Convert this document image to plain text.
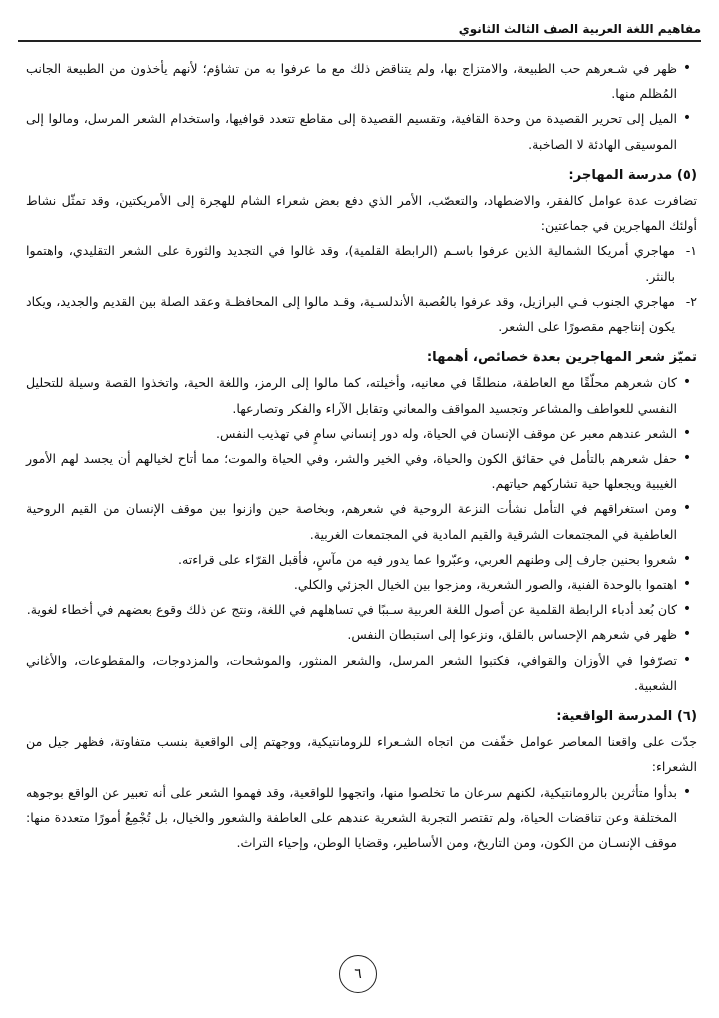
مفاهيم اللغة العربية الصف الثالث الثانوي
•
ظهر في شـعرهم حب الطبيعة، والامتزاج بها، ولم يتناقض ذلك مع ما عرفوا به من تشاؤم؛ لأنهم يأخذون من الطبيعة الجانب المُظلم منها.
•
الميل إلى تحرير القصيدة من وحدة القافية، وتقسيم القصيدة إلى مقاطع تتعدد قوافيها، واستخدام الشعر المرسل، ومالوا إلى الموسيقى الهادئة لا الصاخبة.
(٥) مدرسة المهاجر:
تضافرت عدة عوامل كالفقر، والاضطهاد، والتعصّب، الأمر الذي دفع بعض شعراء الشام للهجرة إلى الأمريكتين، وقد تمثّل نشاط أولئك المهاجرين في جماعتين:
١-
مهاجري أمريكا الشمالية الذين عرفوا باسـم (الرابطة القلمية)، وقد غالوا في التجديد والثورة على الشعر التقليدي، واهتموا بالنثر.
٢-
مهاجري الجنوب فـي البرازيل، وقد عرفوا بالعُصبة الأندلسـية، وقـد مالوا إلى المحافظـة وعقد الصلة بين القديم والجديد، ويكاد يكون إنتاجهم مقصورًا على الشعر.
تميّز شعر المهاجرين بعدة خصائص، أهمها:
•
كان شعرهم محلّقًا مع العاطفة، منطلقًا في معانيه، وأخيلته، كما مالوا إلى الرمز، واللغة الحية، واتخذوا القصة وسيلة للتحليل النفسي للعواطف والمشاعر وتجسيد المواقف والمعاني وتقابل الآراء والفكر وتصارعها.
•
الشعر عندهم معبر عن موقف الإنسان في الحياة، وله دور إنساني سامٍ في تهذيب النفس.
•
حفل شعرهم بالتأمل في حقائق الكون والحياة، وفي الخير والشر، وفي الحياة والموت؛ مما أتاح لخيالهم أن يجسد لهم الأمور الغيبية ويجعلها حية تشاركهم حياتهم.
•
ومن استغراقهم في التأمل نشأت النزعة الروحية في شعرهم، وبخاصة حين وازنوا بين موقف الإنسان من القيم الروحية العاطفية في المجتمعات الشرقية والقيم المادية في المجتمعات الغربية.
•
شعروا بحنين جارف إلى وطنهم العربي، وعبّروا عما يدور فيه من مآسٍ، فأقبل القرّاء على قراءته.
•
اهتموا بالوحدة الفنية، والصور الشعرية، ومزجوا بين الخيال الجزئي والكلي.
•
كان بُعد أدباء الرابطة القلمية عن أصول اللغة العربية سـببًا في تساهلهم في اللغة، ونتج عن ذلك وقوع بعضهم في أخطاء لغوية.
•
ظهر في شعرهم الإحساس بالقلق، ونزعوا إلى استبطان النفس.
•
تصرّفوا في الأوزان والقوافي، فكتبوا الشعر المرسل، والشعر المنثور، والموشحات، والمزدوجات، والمقطوعات، والأغاني الشعبية.
(٦) المدرسة الواقعية:
جدّت على واقعنا المعاصر عوامل خفّفت من اتجاه الشـعراء للرومانتيكية، ووجهتم إلى الواقعية بنسب متفاوتة، فظهر جيل من الشعراء:
•
بدأوا متأثرين بالرومانتيكية، لكنهم سرعان ما تخلصوا منها، واتجهوا للواقعية، وقد فهموا الشعر على أنه تعبير عن الواقع بوجوهه المختلفة وعن تناقضات الحياة، ولم تقتصر التجربة الشعرية عندهم على العاطفة والشعور والخيال، بل تُجْمِعُ أمورًا متعددة منها: موقف الإنسـان من الكون، ومن التاريخ، ومن الأساطير، وقضايا الوطن، وإحياء التراث.
٦
